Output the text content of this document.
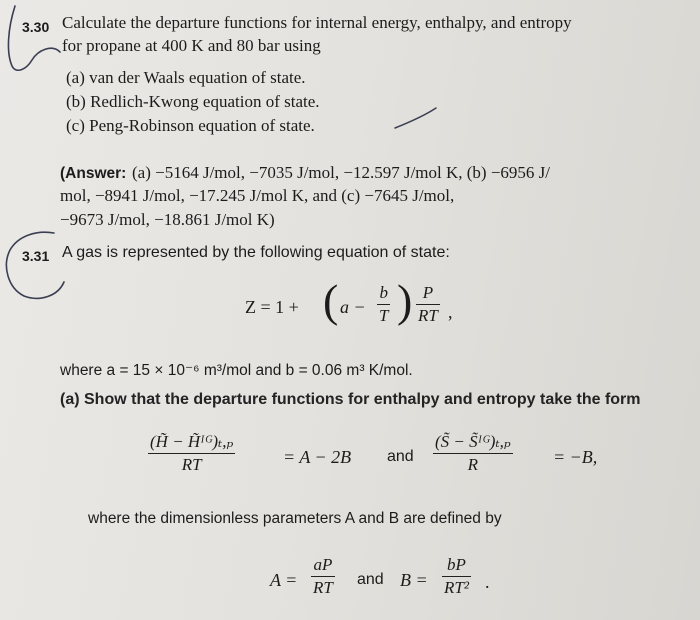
3.30 Calculate the departure functions for internal energy, enthalpy, and entropy
for propane at 400 K and 80 bar using
(a) van der Waals equation of state.
(b) Redlich-Kwong equation of state.
(c) Peng-Robinson equation of state.
(Answer: (a) −5164 J/mol, −7035 J/mol, −12.597 J/mol K, (b) −6956 J/
mol, −8941 J/mol, −17.245 J/mol K, and (c) −7645 J/mol,
−9673 J/mol, −18.861 J/mol K)
3.31 A gas is represented by the following equation of state:
Z = 1 + ( a −
b
T ) P
RT ,
where a = 15 × 10⁻⁶ m³/mol and b = 0.06 m³ K/mol.
(a) Show that the departure functions for enthalpy and entropy take the form
(H̃ − H̃ᴵᴳ)ₜ,ₚ
RT	= A − 2B and
(S̃ − S̃ᴵᴳ)ₜ,ₚ
R	= −B,
where the dimensionless parameters A and B are defined by
A =
aP
RT and B =
bP
RT² .
